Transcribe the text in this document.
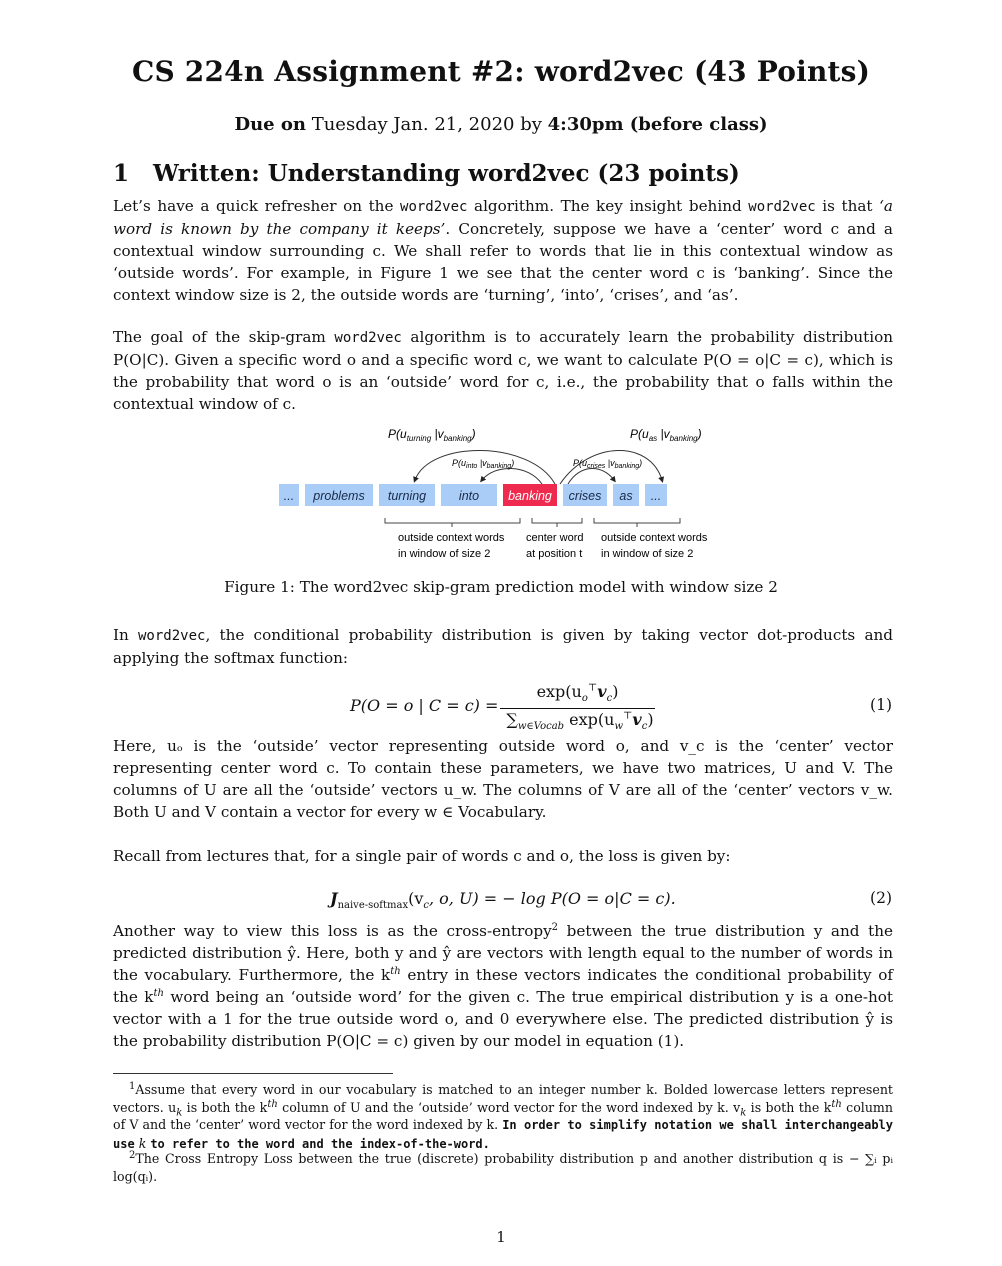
CS 224n Assignment #2: word2vec (43 Points)
Due on Tuesday Jan. 21, 2020 by 4:30pm (before class)
1 Written: Understanding word2vec (23 points)
Let’s have a quick refresher on the word2vec algorithm. The key insight behind word2vec is that ‘a word is known by the company it keeps’. Concretely, suppose we have a ‘center’ word c and a contextual window surrounding c. We shall refer to words that lie in this contextual window as ‘outside words’. For example, in Figure 1 we see that the center word c is ‘banking’. Since the context window size is 2, the outside words are ‘turning’, ‘into’, ‘crises’, and ‘as’.
The goal of the skip-gram word2vec algorithm is to accurately learn the probability distribution P(O|C). Given a specific word o and a specific word c, we want to calculate P(O = o|C = c), which is the probability that word o is an ‘outside’ word for c, i.e., the probability that o falls within the contextual window of c.
$P(u_{turning}$ $|v_{banking}$)
$P(u_{into}$ $|v_{banking}$)	$P(u_{crises}$ $|v_{banking}$)
$P(u_{as}$ $|v_{banking}$)
... problems turning	into banking crises as ...
outside context words
in window of size 2
center word
at position t
outside context words
in window of size 2
Figure 1: The word2vec skip-gram prediction model with window size 2
In word2vec, the conditional probability distribution is given by taking vector dot-products and applying the softmax function:
P(O = o | C = c) =
$\exp(u_o^⊤v_c)$
$\sum_{w\in Vocab}$ $\exp(u_w^⊤v_c)$
(1)
Here, uₒ is the ‘outside’ vector representing outside word o, and v_c is the ‘center’ vector representing center word c. To contain these parameters, we have two matrices, U and V. The columns of U are all the ‘outside’ vectors u_w. The columns of V are all of the ‘center’ vectors v_w. Both U and V contain a vector for every w ∈ Vocabulary.
Recall from lectures that, for a single pair of words c and o, the loss is given by:
$J_{naive-softmax}(v_c$, o, U) = − log P(O = o|C = c).	(2)
Another way to view this loss is as the cross-entropy$^2$ between the true distribution y and the predicted distribution ŷ. Here, both y and ŷ are vectors with length equal to the number of words in the vocabulary. Furthermore, the $k^{th}$ entry in these vectors indicates the conditional probability of the $k^{th}$ word being an ‘outside word’ for the given c. The true empirical distribution y is a one-hot vector with a 1 for the true outside word o, and 0 everywhere else. The predicted distribution ŷ is the probability distribution P(O|C = c) given by our model in equation (1).
$^1$Assume that every word in our vocabulary is matched to an integer number k. Bolded lowercase letters represent vectors. $u_k$ is both the $k^{th}$ column of U and the ‘outside’ word vector for the word indexed by k. $v_k$ is both the $k^{th}$ column of V and the ‘center’ word vector for the word indexed by k. In order to simplify notation we shall interchangeably use k to refer to the word and the index-of-the-word.
$^2$The Cross Entropy Loss between the true (discrete) probability distribution p and another distribution q is − ∑ᵢ pᵢ log(qᵢ).
1
